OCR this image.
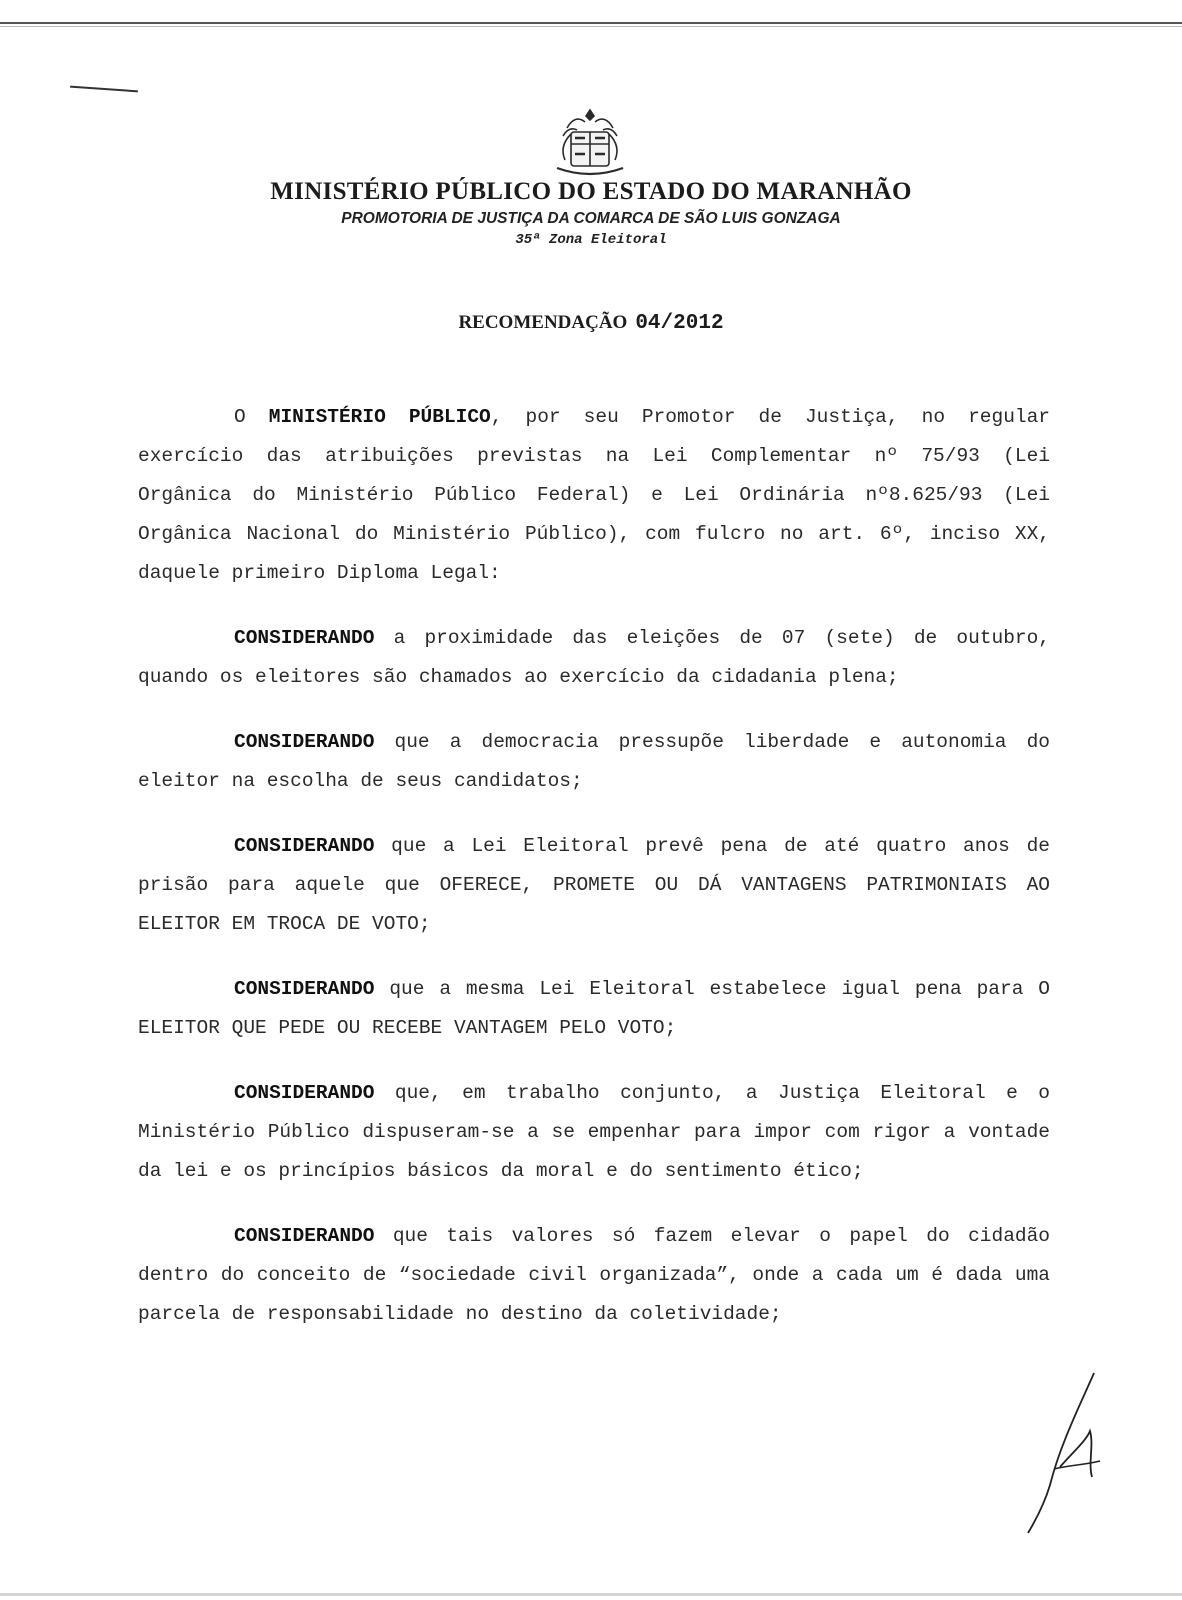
MINISTÉRIO PÚBLICO DO ESTADO DO MARANHÃO
PROMOTORIA DE JUSTIÇA DA COMARCA DE SÃO LUIS GONZAGA
35ª Zona Eleitoral
RECOMENDAÇÃO 04/2012

O MINISTÉRIO PÚBLICO, por seu Promotor de Justiça, no regular exercício das atribuições previstas na Lei Complementar nº 75/93 (Lei Orgânica do Ministério Público Federal) e Lei Ordinária nº8.625/93 (Lei Orgânica Nacional do Ministério Público), com fulcro no art. 6º, inciso XX, daquele primeiro Diploma Legal:

CONSIDERANDO a proximidade das eleições de 07 (sete) de outubro, quando os eleitores são chamados ao exercício da cidadania plena;

CONSIDERANDO que a democracia pressupõe liberdade e autonomia do eleitor na escolha de seus candidatos;

CONSIDERANDO que a Lei Eleitoral prevê pena de até quatro anos de prisão para aquele que OFERECE, PROMETE OU DÁ VANTAGENS PATRIMONIAIS AO ELEITOR EM TROCA DE VOTO;

CONSIDERANDO que a mesma Lei Eleitoral estabelece igual pena para O ELEITOR QUE PEDE OU RECEBE VANTAGEM PELO VOTO;

CONSIDERANDO que, em trabalho conjunto, a Justiça Eleitoral e o Ministério Público dispuseram-se a se empenhar para impor com rigor a vontade da lei e os princípios básicos da moral e do sentimento ético;

CONSIDERANDO que tais valores só fazem elevar o papel do cidadão dentro do conceito de “sociedade civil organizada”, onde a cada um é dada uma parcela de responsabilidade no destino da coletividade;
